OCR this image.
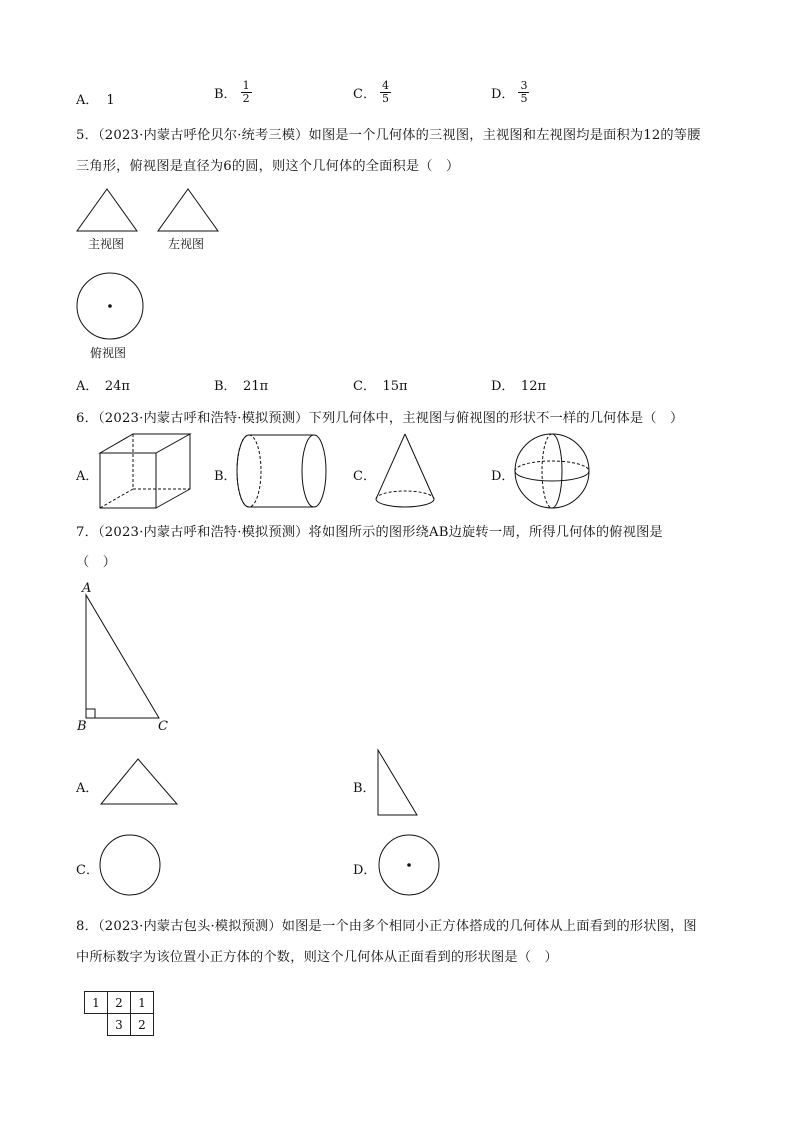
A． 1	B． $\frac{1}{2}$	C． $\frac{4}{5}$	D． $\frac{3}{5}$
5．（2023·内蒙古呼伦贝尔·统考三模）如图是一个几何体的三视图，主视图和左视图均是面积为12的等腰
三角形，俯视图是直径为6的圆，则这个几何体的全面积是（　）
主视图	左视图
俯视图
A．　24π	B．　21π	C．　15π	D．　12π
6．（2023·内蒙古呼和浩特·模拟预测）下列几何体中，主视图与俯视图的形状不一样的几何体是（　）
A．	B．	C．	D．
7．（2023·内蒙古呼和浩特·模拟预测）将如图所示的图形绕AB边旋转一周，所得几何体的俯视图是
（　）
A
B	C
A．	B．
C．	D．
8．（2023·内蒙古包头·模拟预测）如图是一个由多个相同小正方体搭成的几何体从上面看到的形状图，图
中所标数字为该位置小正方体的个数，则这个几何体从正面看到的形状图是（　）
1	2	1
	3	2
